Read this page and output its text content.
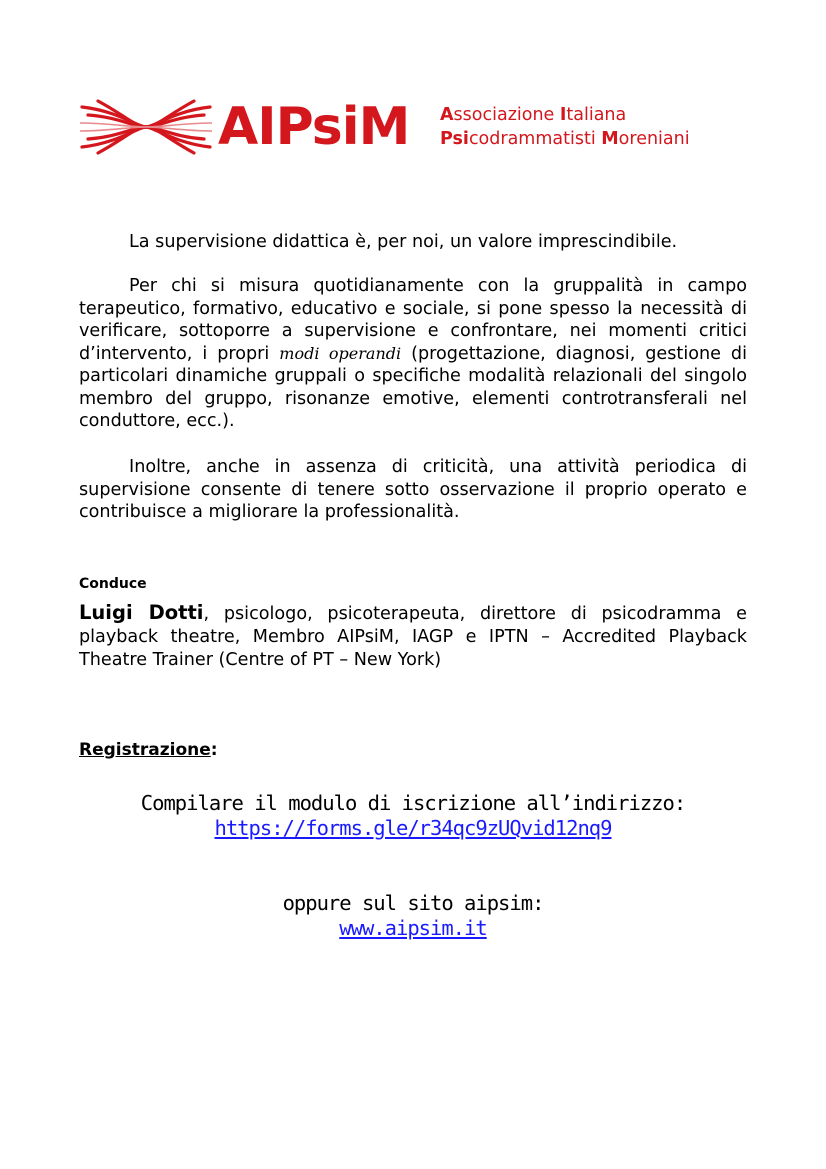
AIPsiM Associazione Italiana
Psicodrammatisti Moreniani

La supervisione didattica è, per noi, un valore imprescindibile.

Per chi si misura quotidianamente con la gruppalità in campo terapeutico, formativo, educativo e sociale, si pone spesso la necessità di verificare, sottoporre a supervisione e confrontare, nei momenti critici d’intervento, i propri modi operandi (progettazione, diagnosi, gestione di particolari dinamiche gruppali o specifiche modalità relazionali del singolo membro del gruppo, risonanze emotive, elementi controtransferali nel conduttore, ecc.).

Inoltre, anche in assenza di criticità, una attività periodica di supervisione consente di tenere sotto osservazione il proprio operato e contribuisce a migliorare la professionalità.

Conduce

Luigi Dotti, psicologo, psicoterapeuta, direttore di psicodramma e playback theatre, Membro AIPsiM, IAGP e IPTN – Accredited Playback Theatre Trainer (Centre of PT – New York)

Registrazione:
Compilare il modulo di iscrizione all’indirizzo:
https://forms.gle/r34qc9zUQvid12nq9
oppure sul sito aipsim:
www.aipsim.it
